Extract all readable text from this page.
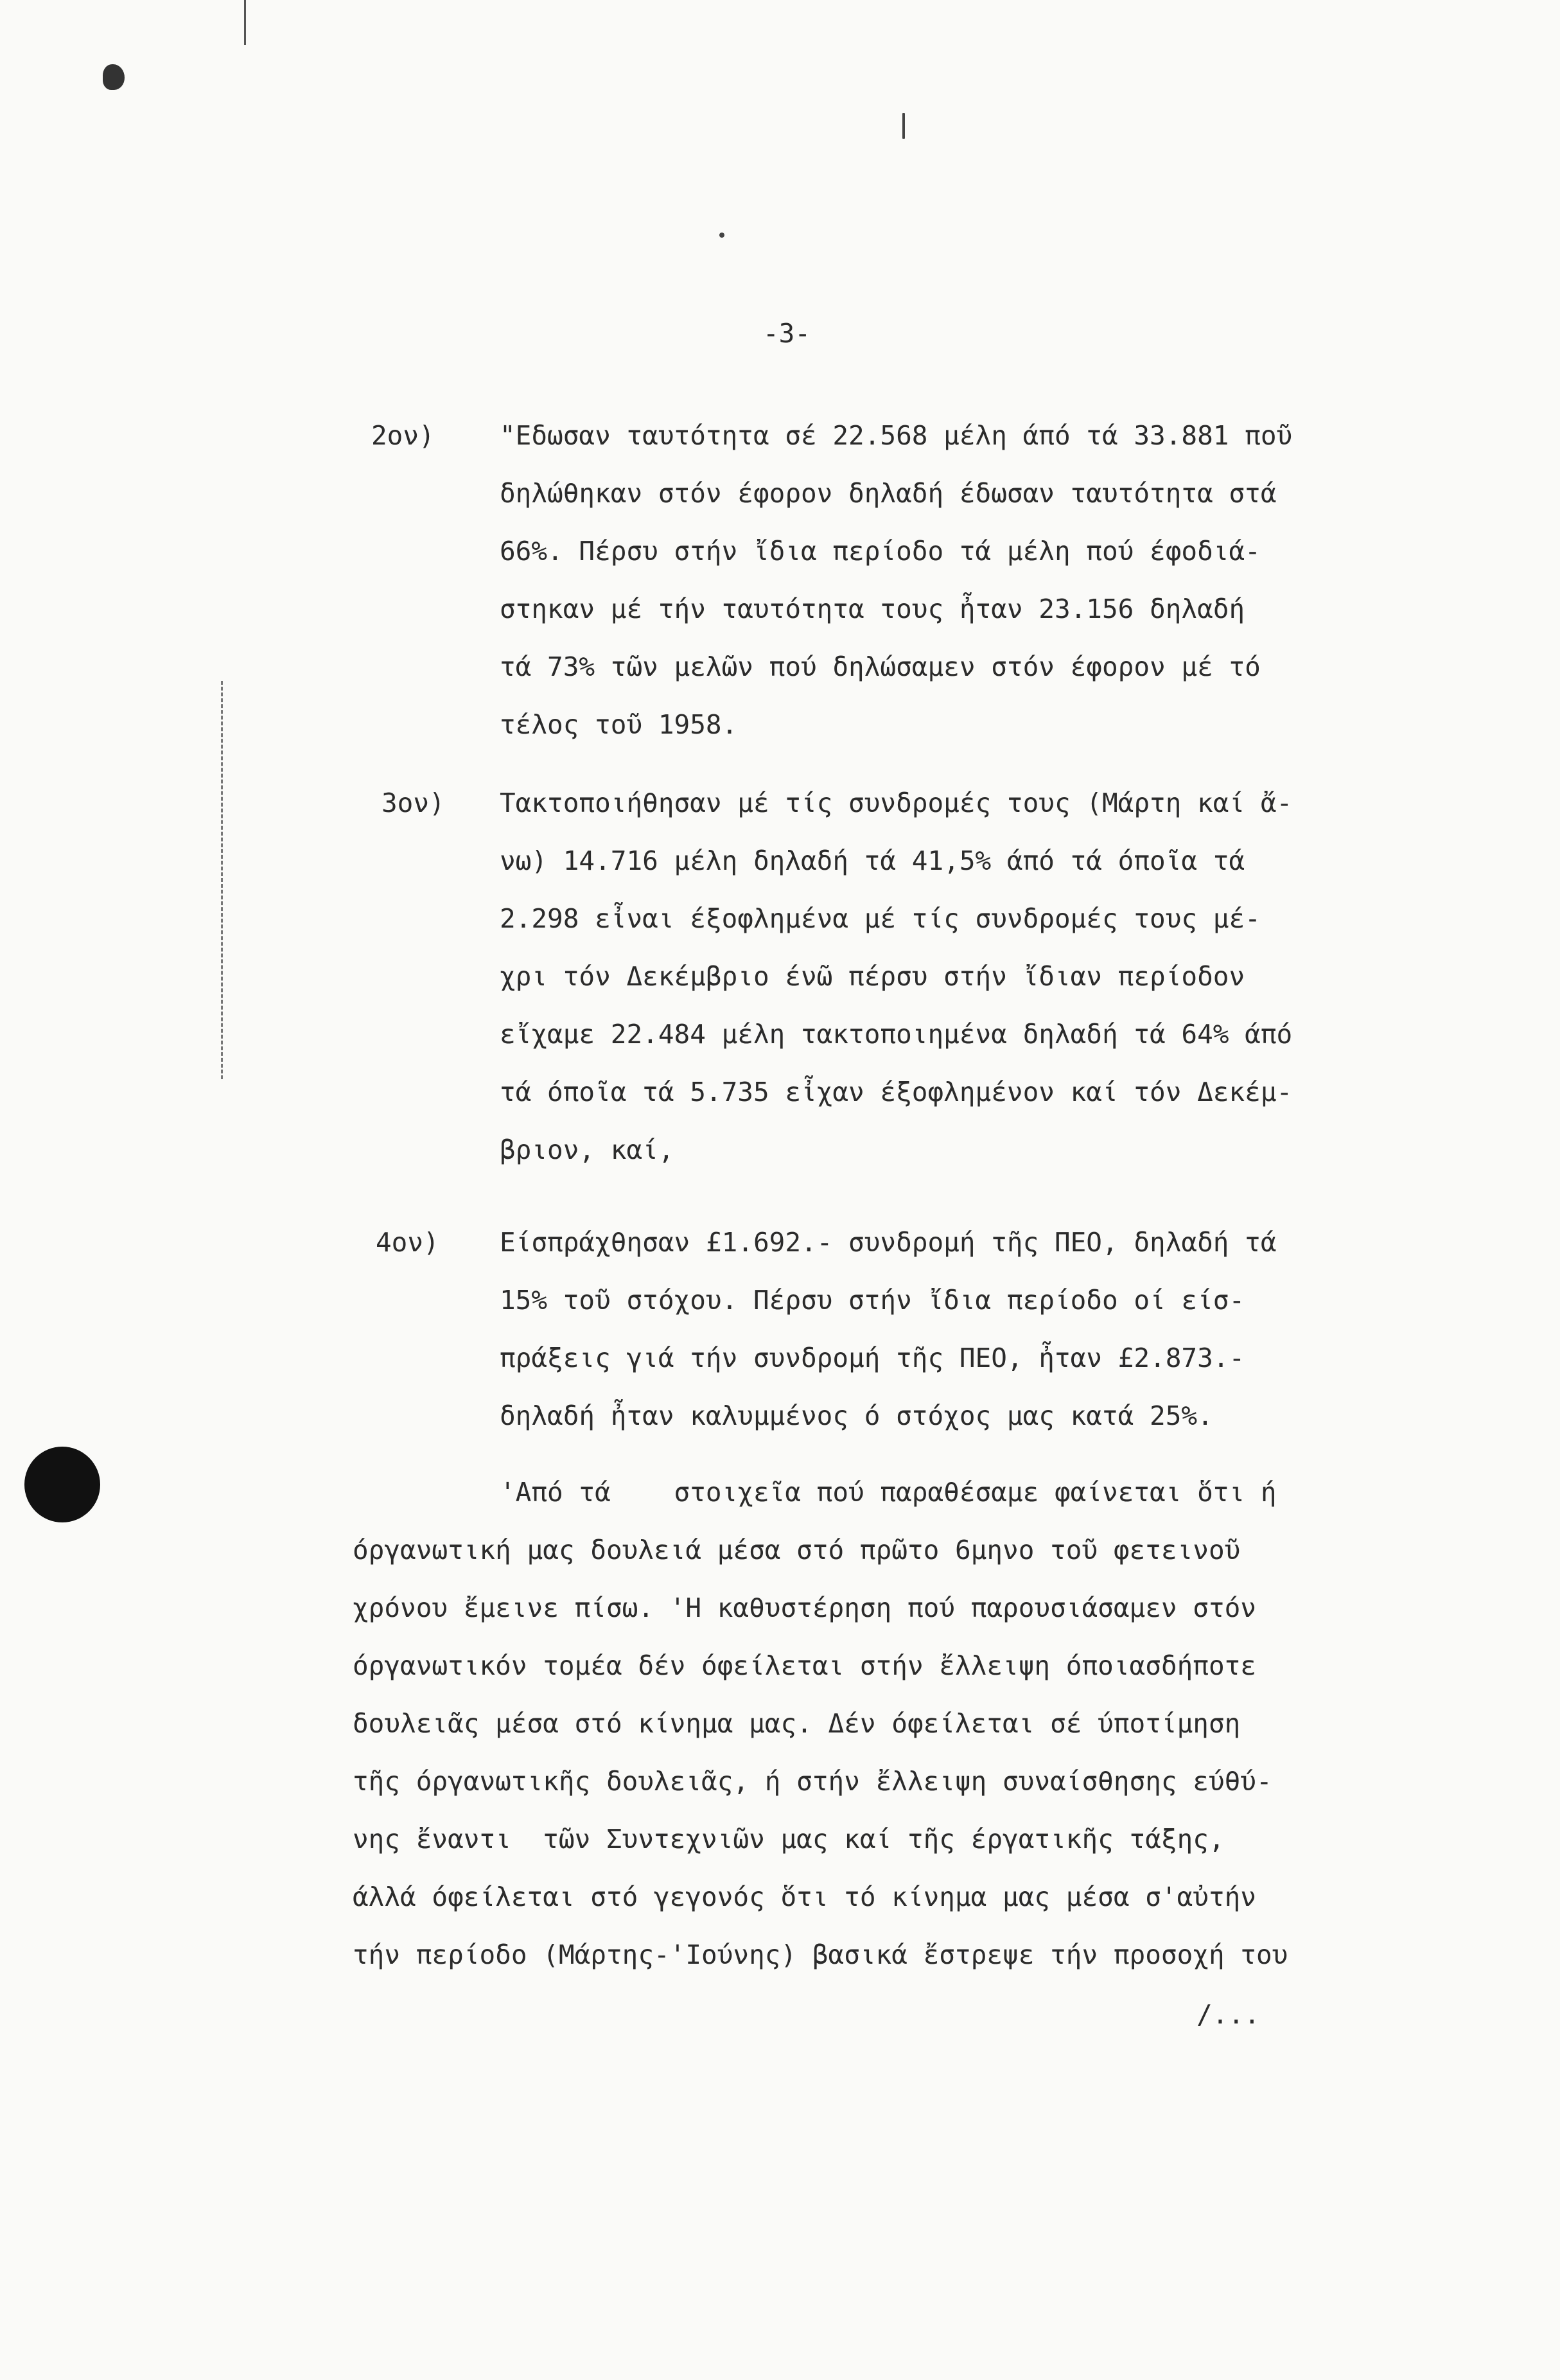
-3-
2ον) "Εδωσαν ταυτότητα σέ 22.568 μέλη άπό τά 33.881 ποῦ
δηλώθηκαν στόν έφορον δηλαδή έδωσαν ταυτότητα στά
66%. Πέρσυ στήν ἴδια περίοδο τά μέλη πού έφοδιά-
στηκαν μέ τήν ταυτότητα τους ἦταν 23.156 δηλαδή
τά 73% τῶν μελῶν πού δηλώσαμεν στόν έφορον μέ τό
τέλος τοῦ 1958.
3ον) Τακτοποιήθησαν μέ τίς συνδρομές τους (Μάρτη καί ἄ-
νω) 14.716 μέλη δηλαδή τά 41,5% άπό τά όποῖα τά
2.298 εἶναι έξοφλημένα μέ τίς συνδρομές τους μέ-
χρι τόν Δεκέμβριο ένῶ πέρσυ στήν ἴδιαν περίοδον
εἴχαμε 22.484 μέλη τακτοποιημένα δηλαδή τά 64% άπό
τά όποῖα τά 5.735 εἶχαν έξοφλημένον καί τόν Δεκέμ-
βριον, καί,
4ον) Είσπράχθησαν £1.692.- συνδρομή τῆς ΠΕΟ, δηλαδή τά
15% τοῦ στόχου. Πέρσυ στήν ἴδια περίοδο οί είσ-
πράξεις γιά τήν συνδρομή τῆς ΠΕΟ, ἦταν £2.873.-
δηλαδή ἦταν καλυμμένος ό στόχος μας κατά 25%.
'Από τά    στοιχεῖα πού παραθέσαμε φαίνεται ὅτι ή
όργανωτική μας δουλειά μέσα στό πρῶτο 6μηνο τοῦ φετεινοῦ
χρόνου ἔμεινε πίσω. 'Η καθυστέρηση πού παρουσιάσαμεν στόν
όργανωτικόν τομέα δέν όφείλεται στήν ἔλλειψη όποιασδήποτε
δουλειᾶς μέσα στό κίνημα μας. Δέν όφείλεται σέ ύποτίμηση
τῆς όργανωτικῆς δουλειᾶς, ή στήν ἔλλειψη συναίσθησης εύθύ-
νης ἔναντι  τῶν Συντεχνιῶν μας καί τῆς έργατικῆς τάξης,
άλλά όφείλεται στό γεγονός ὅτι τό κίνημα μας μέσα σ'αὐτήν
τήν περίοδο (Μάρτης-'Ιούνης) βασικά ἔστρεψε τήν προσοχή του
/...
